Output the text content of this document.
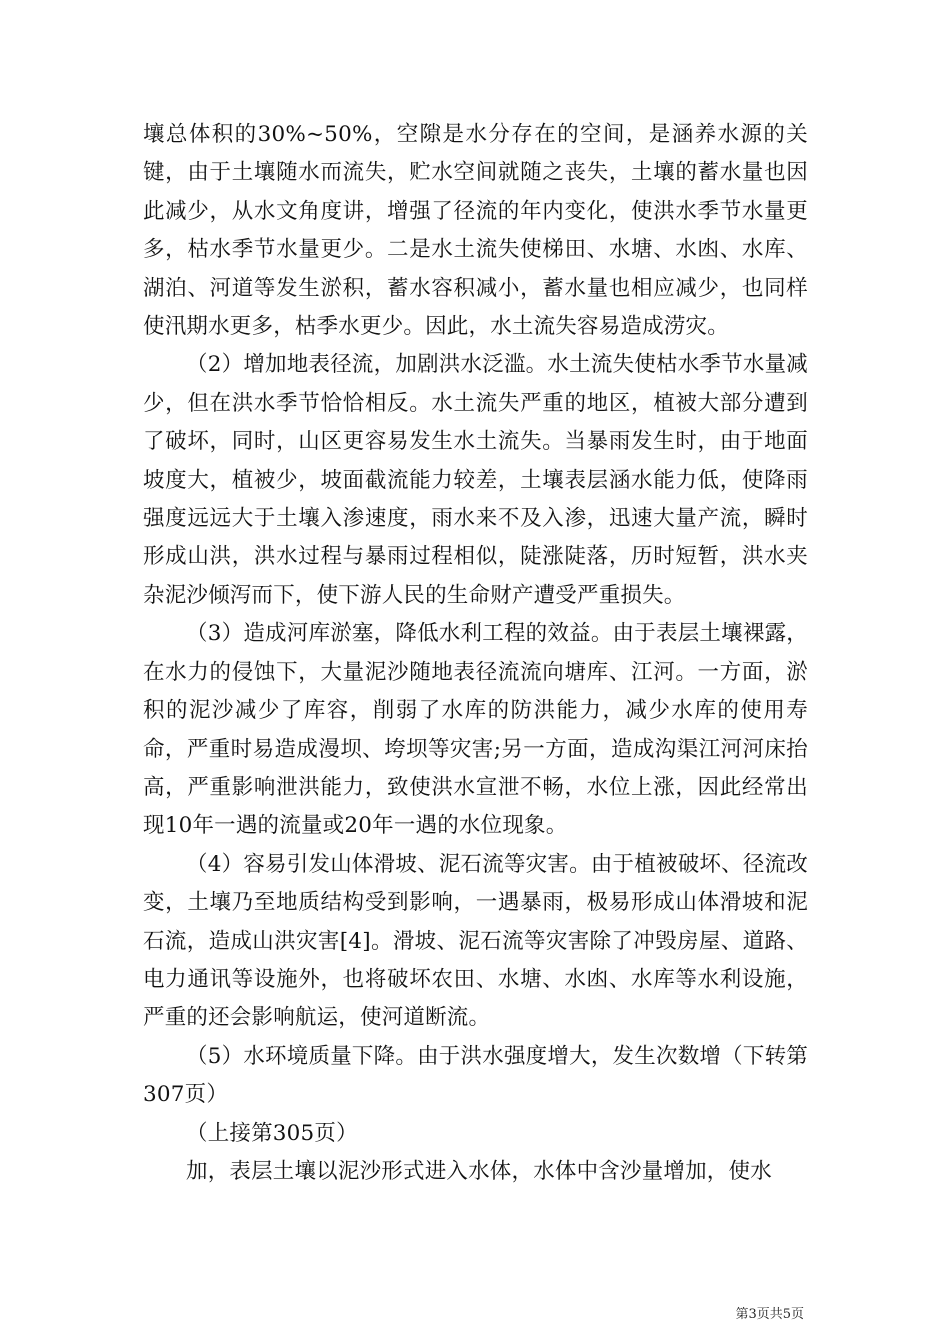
壤总体积的30%~50%，空隙是水分存在的空间，是涵养水源的关键，由于土壤随水而流失，贮水空间就随之丧失，土壤的蓄水量也因此减少，从水文角度讲，增强了径流的年内变化，使洪水季节水量更多，枯水季节水量更少。二是水土流失使梯田、水塘、水凼、水库、湖泊、河道等发生淤积，蓄水容积减小，蓄水量也相应减少，也同样使汛期水更多，枯季水更少。因此，水土流失容易造成涝灾。

（2）增加地表径流，加剧洪水泛滥。水土流失使枯水季节水量减少，但在洪水季节恰恰相反。水土流失严重的地区，植被大部分遭到了破坏，同时，山区更容易发生水土流失。当暴雨发生时，由于地面坡度大，植被少，坡面截流能力较差，土壤表层涵水能力低，使降雨强度远远大于土壤入渗速度，雨水来不及入渗，迅速大量产流，瞬时形成山洪，洪水过程与暴雨过程相似，陡涨陡落，历时短暂，洪水夹杂泥沙倾泻而下，使下游人民的生命财产遭受严重损失。

（3）造成河库淤塞，降低水利工程的效益。由于表层土壤裸露，在水力的侵蚀下，大量泥沙随地表径流流向塘库、江河。一方面，淤积的泥沙减少了库容，削弱了水库的防洪能力，减少水库的使用寿命，严重时易造成漫坝、垮坝等灾害;另一方面，造成沟渠江河河床抬高，严重影响泄洪能力，致使洪水宣泄不畅，水位上涨，因此经常出现10年一遇的流量或20年一遇的水位现象。

（4）容易引发山体滑坡、泥石流等灾害。由于植被破坏、径流改变，土壤乃至地质结构受到影响，一遇暴雨，极易形成山体滑坡和泥石流，造成山洪灾害[4]。滑坡、泥石流等灾害除了冲毁房屋、道路、电力通讯等设施外，也将破坏农田、水塘、水凼、水库等水利设施，严重的还会影响航运，使河道断流。

（5）水环境质量下降。由于洪水强度增大，发生次数增（下转第307页）

（上接第305页）

加，表层土壤以泥沙形式进入水体，水体中含沙量增加，使水

第3页共5页
